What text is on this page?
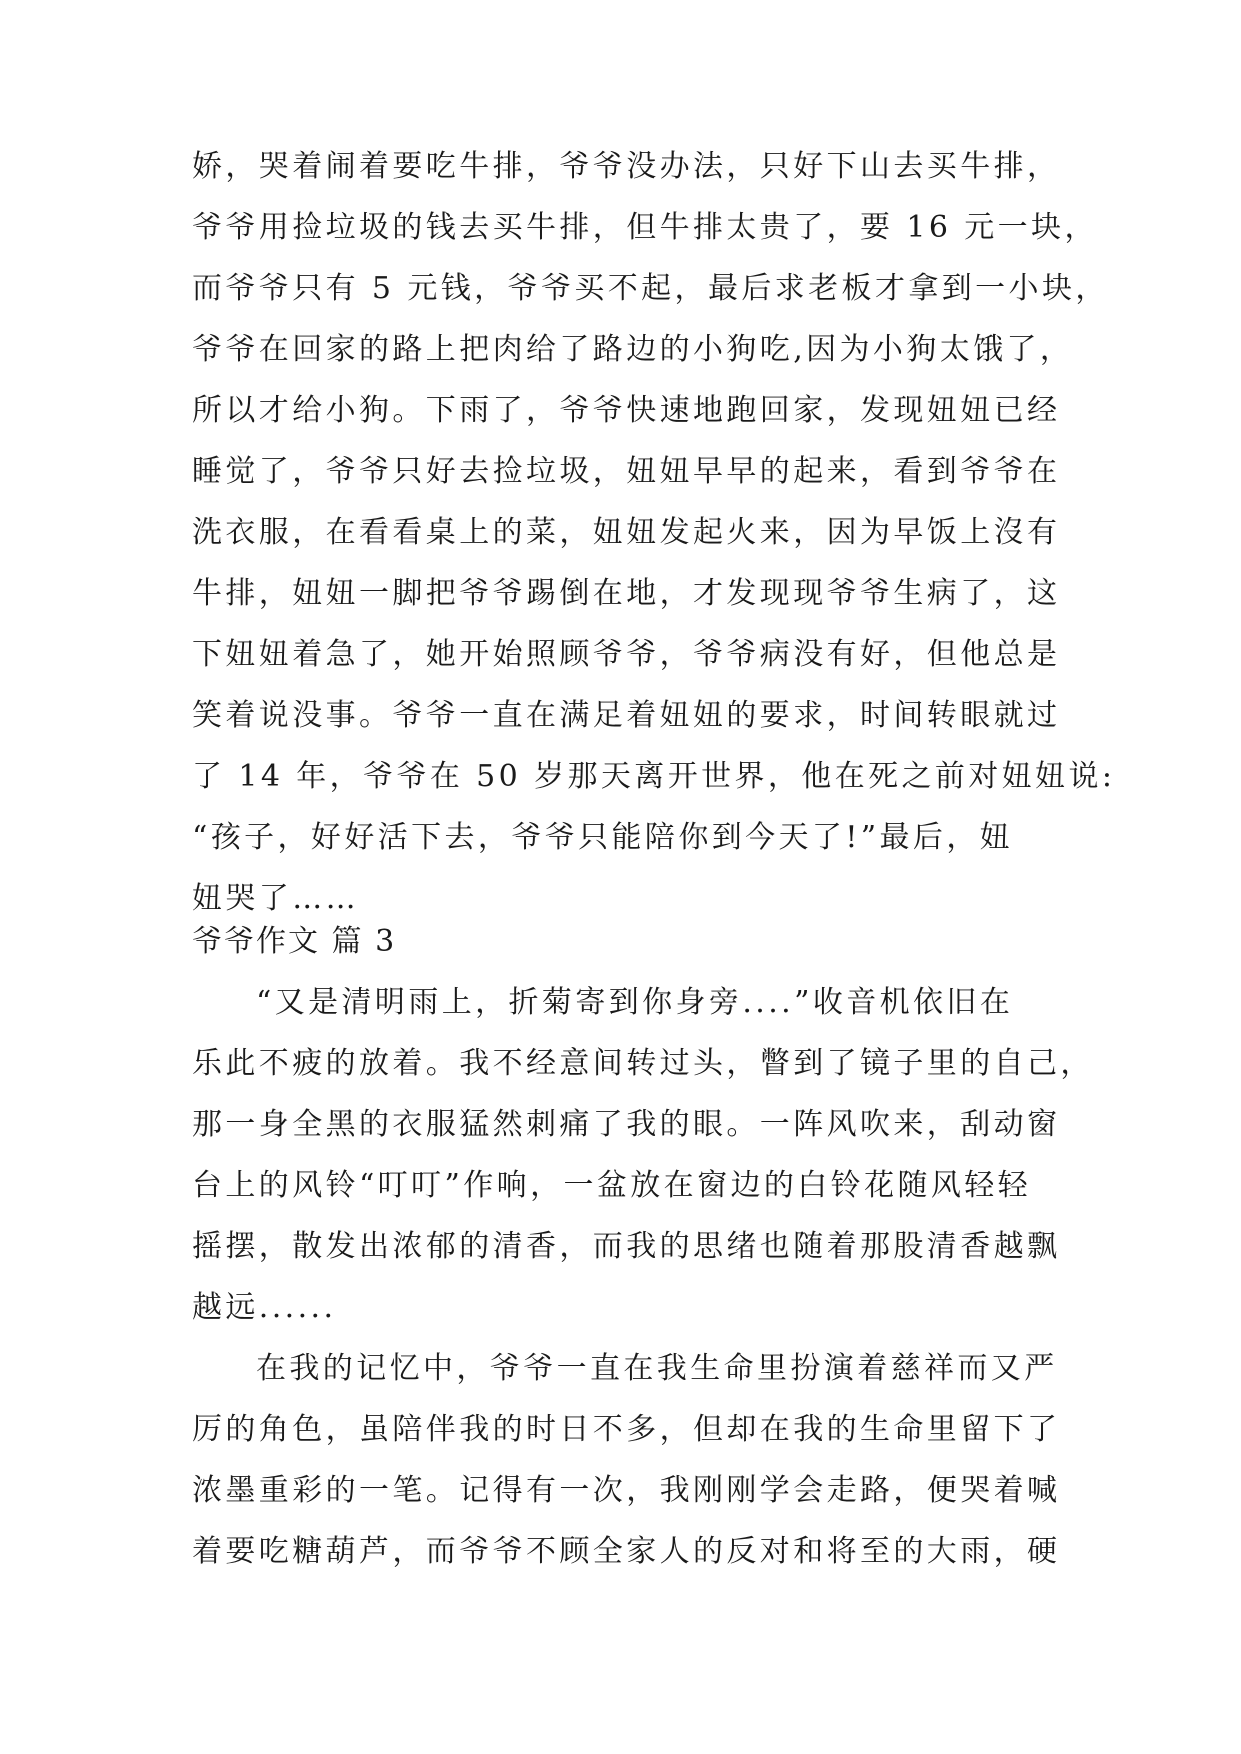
娇，哭着闹着要吃牛排，爷爷没办法，只好下山去买牛排，
爷爷用捡垃圾的钱去买牛排，但牛排太贵了，要 16 元一块，
而爷爷只有 5 元钱，爷爷买不起，最后求老板才拿到一小块，
爷爷在回家的路上把肉给了路边的小狗吃,因为小狗太饿了，
所以才给小狗。下雨了，爷爷快速地跑回家，发现妞妞已经
睡觉了，爷爷只好去捡垃圾，妞妞早早的起来，看到爷爷在
洗衣服，在看看桌上的菜，妞妞发起火来，因为早饭上沒有
牛排，妞妞一脚把爷爷踢倒在地，才发现现爷爷生病了，这
下妞妞着急了，她开始照顾爷爷，爷爷病没有好，但他总是
笑着说没事。爷爷一直在满足着妞妞的要求，时间转眼就过
了 14 年，爷爷在 50 岁那天离开世界，他在死之前对妞妞说:
“孩子，好好活下去，爷爷只能陪你到今天了!”最后，妞
妞哭了……
爷爷作文 篇 3
“又是清明雨上，折菊寄到你身旁....”收音机依旧在
乐此不疲的放着。我不经意间转过头，瞥到了镜子里的自己，
那一身全黑的衣服猛然刺痛了我的眼。一阵风吹来，刮动窗
台上的风铃“叮叮”作响，一盆放在窗边的白铃花随风轻轻
摇摆，散发出浓郁的清香，而我的思绪也随着那股清香越飘
越远......
在我的记忆中，爷爷一直在我生命里扮演着慈祥而又严
厉的角色，虽陪伴我的时日不多，但却在我的生命里留下了
浓墨重彩的一笔。记得有一次，我刚刚学会走路，便哭着喊
着要吃糖葫芦，而爷爷不顾全家人的反对和将至的大雨，硬
